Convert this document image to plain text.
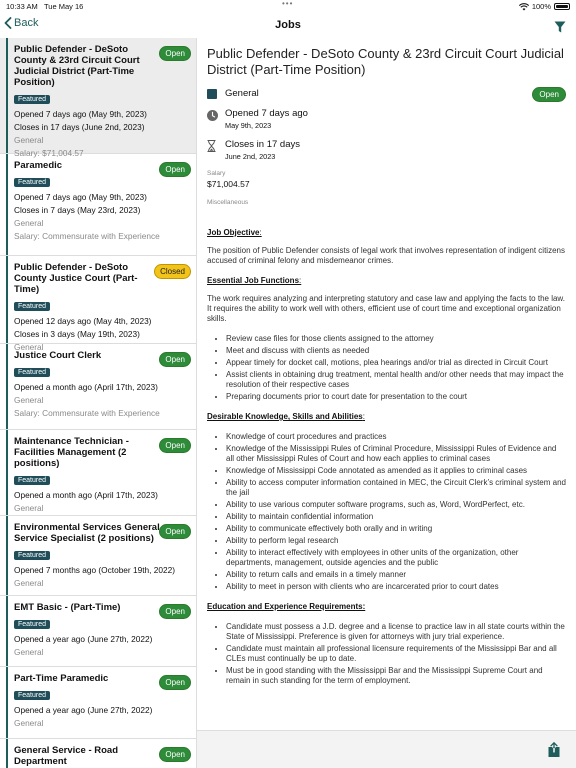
10:33 AM Tue May 16	•••	100%
Back	Jobs
Public Defender - DeSoto County & 23rd Circuit Court Judicial District (Part-Time Position)
Open
Featured
Opened 7 days ago (May 9th, 2023)
Closes in 17 days (June 2nd, 2023)
General
Salary: $71,004.57
Paramedic	Open
Featured
Opened 7 days ago (May 9th, 2023)
Closes in 7 days (May 23rd, 2023)
General
Salary: Commensurate with Experience
Public Defender - DeSoto County Justice Court (Part-Time)
Closed
Featured
Opened 12 days ago (May 4th, 2023)
Closes in 3 days (May 19th, 2023)
General
Justice Court Clerk	Open
Featured
Opened a month ago (April 17th, 2023)
General
Salary: Commensurate with Experience
Maintenance Technician - Facilities Management (2 positions)
Open
Featured
Opened a month ago (April 17th, 2023)
General
Environmental Services General Service Specialist (2 positions)
Open
Featured
Opened 7 months ago (October 19th, 2022)
General
EMT Basic - (Part-Time)	Open
Featured
Opened a year ago (June 27th, 2022)
General
Part-Time Paramedic	Open
Featured
Opened a year ago (June 27th, 2022)
General
General Service - Road Department
Open
Public Defender - DeSoto County & 23rd Circuit Court Judicial District (Part-Time Position)
General	Open
Opened 7 days ago
May 9th, 2023
Closes in 17 days
June 2nd, 2023
Salary
$71,004.57
Miscellaneous
Job Objective:

The position of Public Defender consists of legal work that involves representation of indigent citizens accused of criminal felony and misdemeanor crimes.

Essential Job Functions:

The work requires analyzing and interpreting statutory and case law and applying the facts to the law. It requires the ability to work well with others, efficient use of court time and exceptional organization skills.

• Review case files for those clients assigned to the attorney
• Meet and discuss with clients as needed
• Appear timely for docket call, motions, plea hearings and/or trial as directed in Circuit Court
• Assist clients in obtaining drug treatment, mental health and/or other needs that may impact the resolution of their respective cases
• Preparing documents prior to court date for presentation to the court
Desirable Knowledge, Skills and Abilities:
• Knowledge of court procedures and practices
• Knowledge of the Mississippi Rules of Criminal Procedure, Mississippi Rules of Evidence and all other Mississippi Rules of Court and how each applies to criminal cases
• Knowledge of Mississippi Code annotated as amended as it applies to criminal cases
• Ability to access computer information contained in MEC, the Circuit Clerk’s criminal system and the jail
• Ability to use various computer software programs, such as, Word, WordPerfect, etc.
• Ability to maintain confidential information
• Ability to communicate effectively both orally and in writing
• Ability to perform legal research
• Ability to interact effectively with employees in other units of the organization, other departments, management, outside agencies and the public
• Ability to return calls and emails in a timely manner
• Ability to meet in person with clients who are incarcerated prior to court dates
Education and Experience Requirements:
• Candidate must possess a J.D. degree and a license to practice law in all state courts within the State of Mississippi. Preference is given for attorneys with jury trial experience.
• Candidate must maintain all professional licensure requirements of the Mississippi Bar and all CLEs must continually be up to date.
• Must be in good standing with the Mississippi Bar and the Mississippi Supreme Court and remain in such standing for the term of employment.
